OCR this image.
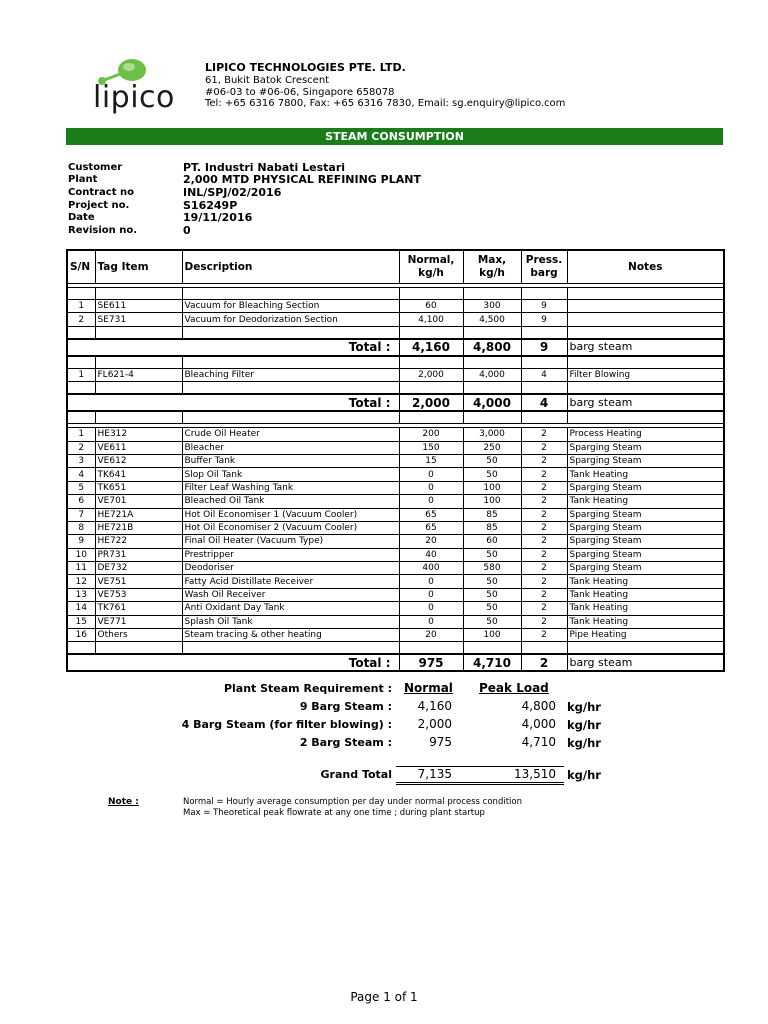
lipico
LIPICO TECHNOLOGIES PTE. LTD.
61, Bukit Batok Crescent
#06-03 to #06-06, Singapore 658078
Tel: +65 6316 7800, Fax: +65 6316 7830, Email: sg.enquiry@lipico.com
STEAM CONSUMPTION
Customer	PT. Industri Nabati Lestari
Plant	2,000 MTD PHYSICAL REFINING PLANT
Contract no	INL/SPJ/02/2016
Project no.	S16249P
Date	19/11/2016
Revision no.	0
S/N	Tag Item	Description	Normal, kg/h	Max, kg/h	Press. barg	Notes

1	SE611	Vacuum for Bleaching Section	60	300	9	
2	SE731	Vacuum for Deodorization Section	4,100	4,500	9	

Total :			4,160	4,800	9	barg steam

1	FL621-4	Bleaching Filter	2,000	4,000	4	Filter Blowing

Total :			2,000	4,000	4	barg steam

1	HE312	Crude Oil Heater	200	3,000	2	Process Heating
2	VE611	Bleacher	150	250	2	Sparging Steam
3	VE612	Buffer Tank	15	50	2	Sparging Steam
4	TK641	Slop Oil Tank	0	50	2	Tank Heating
5	TK651	Filter Leaf Washing Tank	0	100	2	Sparging Steam
6	VE701	Bleached Oil Tank	0	100	2	Tank Heating
7	HE721A	Hot Oil Economiser 1 (Vacuum Cooler)	65	85	2	Sparging Steam
8	HE721B	Hot Oil Economiser 2 (Vacuum Cooler)	65	85	2	Sparging Steam
9	HE722	Final Oil Heater (Vacuum Type)	20	60	2	Sparging Steam
10	PR731	Prestripper	40	50	2	Sparging Steam
11	DE732	Deodoriser	400	580	2	Sparging Steam
12	VE751	Fatty Acid Distillate Receiver	0	50	2	Tank Heating
13	VE753	Wash Oil Receiver	0	50	2	Tank Heating
14	TK761	Anti Oxidant Day Tank	0	50	2	Tank Heating
15	VE771	Splash Oil Tank	0	50	2	Tank Heating
16	Others	Steam tracing & other heating	20	100	2	Pipe Heating

Total :			975	4,710	2	barg steam
Plant Steam Requirement : Normal Peak Load
9 Barg Steam :	4,160	4,800 kg/hr
4 Barg Steam (for filter blowing) :	2,000	4,000 kg/hr
2 Barg Steam :	975	4,710 kg/hr
Grand Total	7,135	13,510 kg/hr
Note :	Normal = Hourly average consumption per day under normal process condition
Max = Theoretical peak flowrate at any one time ; during plant startup
Page 1 of 1
